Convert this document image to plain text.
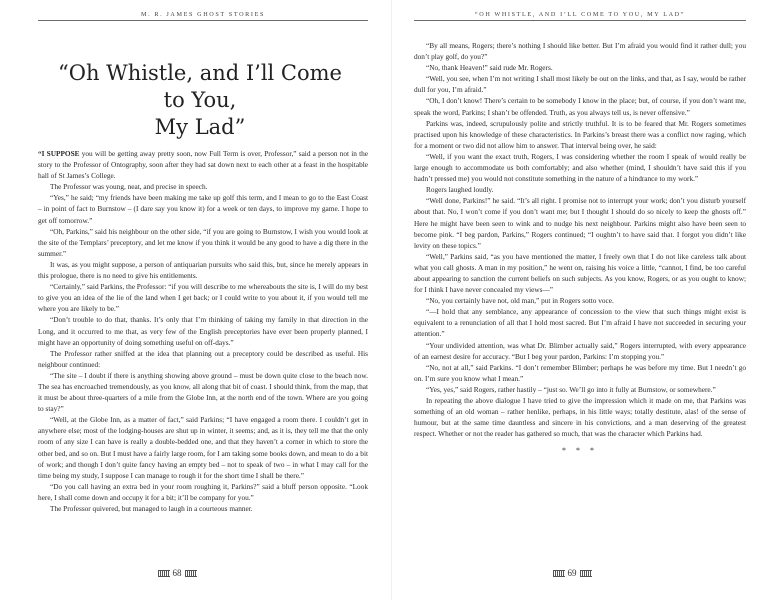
M. R. JAMES GHOST STORIES
“Oh Whistle, and I’ll Come to You,
My Lad”

“I SUPPOSE you will be getting away pretty soon, now Full Term is over, Professor,” said a person not in the story to the Professor of Ontography, soon after they had sat down next to each other at a feast in the hospitable hall of St James’s College.

The Professor was young, neat, and precise in speech.

“Yes,” he said; “my friends have been making me take up golf this term, and I mean to go to the East Coast – in point of fact to Burnstow – (I dare say you know it) for a week or ten days, to improve my game. I hope to get off tomorrow.”

“Oh, Parkins,” said his neighbour on the other side, “if you are going to Burnstow, I wish you would look at the site of the Templars’ preceptory, and let me know if you think it would be any good to have a dig there in the summer.”

It was, as you might suppose, a person of antiquarian pursuits who said this, but, since he merely appears in this prologue, there is no need to give his entitlements.

“Certainly,” said Parkins, the Professor: “if you will describe to me whereabouts the site is, I will do my best to give you an idea of the lie of the land when I get back; or I could write to you about it, if you would tell me where you are likely to be.”

“Don’t trouble to do that, thanks. It’s only that I’m thinking of taking my family in that direction in the Long, and it occurred to me that, as very few of the English preceptories have ever been properly planned, I might have an opportunity of doing something useful on off-days.”

The Professor rather sniffed at the idea that planning out a preceptory could be described as useful. His neighbour continued:

“The site – I doubt if there is anything showing above ground – must be down quite close to the beach now. The sea has encroached tremendously, as you know, all along that bit of coast. I should think, from the map, that it must be about three-quarters of a mile from the Globe Inn, at the north end of the town. Where are you going to stay?”

“Well, at the Globe Inn, as a matter of fact,” said Parkins; “I have engaged a room there. I couldn’t get in anywhere else; most of the lodging-houses are shut up in winter, it seems; and, as it is, they tell me that the only room of any size I can have is really a double-bedded one, and that they haven’t a corner in which to store the other bed, and so on. But I must have a fairly large room, for I am taking some books down, and mean to do a bit of work; and though I don’t quite fancy having an empty bed – not to speak of two – in what I may call for the time being my study, I suppose I can manage to rough it for the short time I shall be there.”

“Do you call having an extra bed in your room roughing it, Parkins?” said a bluff person opposite. “Look here, I shall come down and occupy it for a bit; it’ll be company for you.”

The Professor quivered, but managed to laugh in a courteous manner.

68
“OH WHISTLE, AND I’LL COME TO YOU, MY LAD”

“By all means, Rogers; there’s nothing I should like better. But I’m afraid you would find it rather dull; you don’t play golf, do you?”

“No, thank Heaven!” said rude Mr. Rogers.

“Well, you see, when I’m not writing I shall most likely be out on the links, and that, as I say, would be rather dull for you, I’m afraid.”

“Oh, I don’t know! There’s certain to be somebody I know in the place; but, of course, if you don’t want me, speak the word, Parkins; I shan’t be offended. Truth, as you always tell us, is never offensive.”

Parkins was, indeed, scrupulously polite and strictly truthful. It is to be feared that Mr. Rogers sometimes practised upon his knowledge of these characteristics. In Parkins’s breast there was a conflict now raging, which for a moment or two did not allow him to answer. That interval being over, he said:

“Well, if you want the exact truth, Rogers, I was considering whether the room I speak of would really be large enough to accommodate us both comfortably; and also whether (mind, I shouldn’t have said this if you hadn’t pressed me) you would not constitute something in the nature of a hindrance to my work.”

Rogers laughed loudly.

“Well done, Parkins!” he said. “It’s all right. I promise not to interrupt your work; don’t you disturb yourself about that. No, I won’t come if you don’t want me; but I thought I should do so nicely to keep the ghosts off.” Here he might have been seen to wink and to nudge his next neighbour. Parkins might also have been seen to become pink. “I beg pardon, Parkins,” Rogers continued; “I oughtn’t to have said that. I forgot you didn’t like levity on these topics.”

“Well,” Parkins said, “as you have mentioned the matter, I freely own that I do not like careless talk about what you call ghosts. A man in my position,” he went on, raising his voice a little, “cannot, I find, be too careful about appearing to sanction the current beliefs on such subjects. As you know, Rogers, or as you ought to know; for I think I have never concealed my views—”

“No, you certainly have not, old man,” put in Rogers sotto voce.

“—I hold that any semblance, any appearance of concession to the view that such things might exist is equivalent to a renunciation of all that I hold most sacred. But I’m afraid I have not succeeded in securing your attention.”

“Your undivided attention, was what Dr. Blimber actually said,” Rogers interrupted, with every appearance of an earnest desire for accuracy. “But I beg your pardon, Parkins: I’m stopping you.”

“No, not at all,” said Parkins. “I don’t remember Blimber; perhaps he was before my time. But I needn’t go on. I’m sure you know what I mean.”

“Yes, yes,” said Rogers, rather hastily – “just so. We’ll go into it fully at Burnstow, or somewhere.”

In repeating the above dialogue I have tried to give the impression which it made on me, that Parkins was something of an old woman – rather henlike, perhaps, in his little ways; totally destitute, alas! of the sense of humour, but at the same time dauntless and sincere in his convictions, and a man deserving of the greatest respect. Whether or not the reader has gathered so much, that was the character which Parkins had.

* * *
69
